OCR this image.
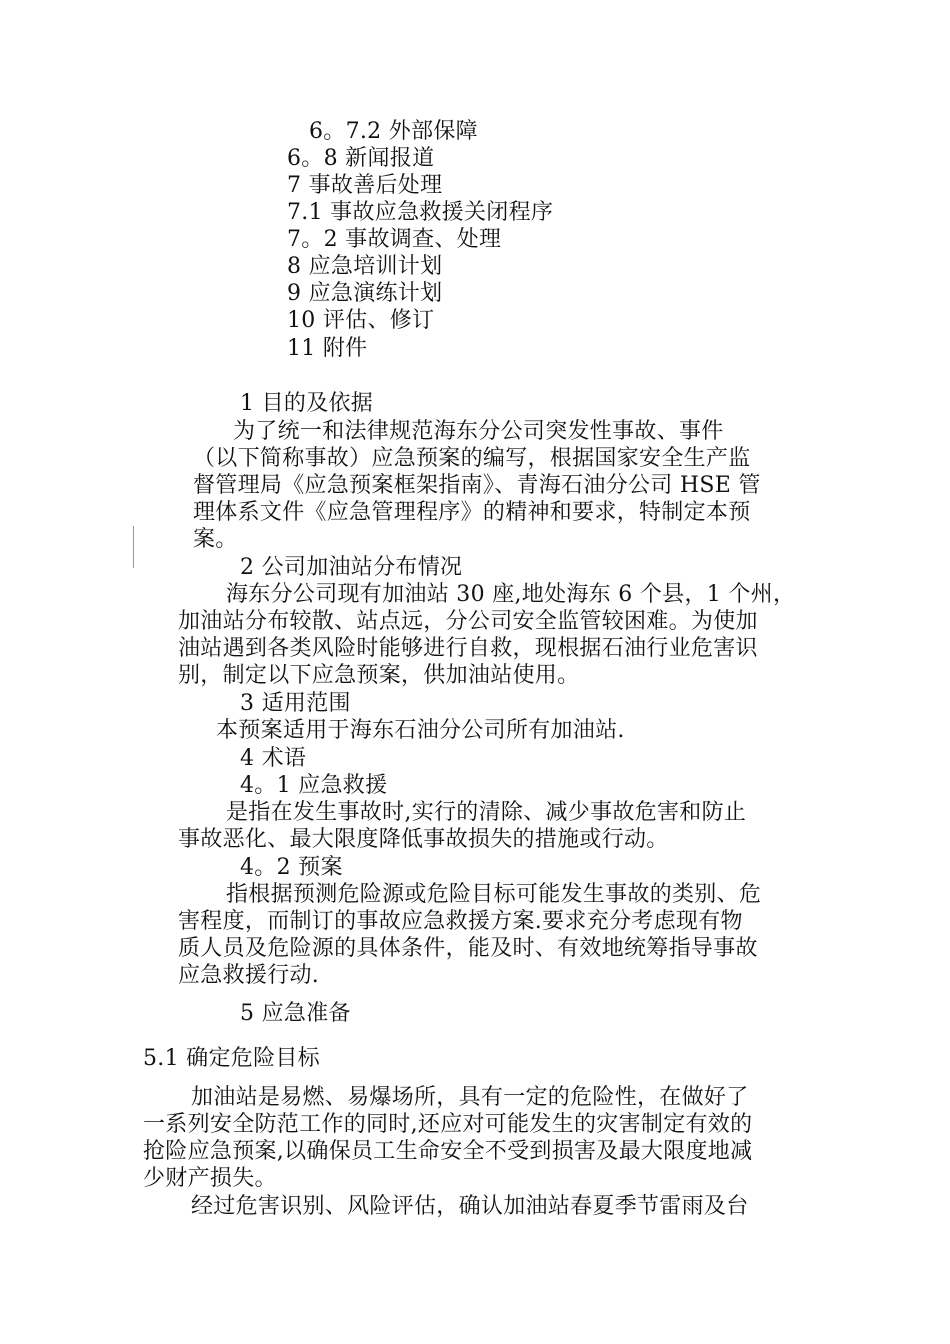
6。7.2 外部保障
6。8 新闻报道
7 事故善后处理
7.1 事故应急救援关闭程序
7。2 事故调查、处理
8 应急培训计划
9 应急演练计划
10 评估、修订
11 附件
1 目的及依据
为了统一和法律规范海东分公司突发性事故、事件
（以下简称事故）应急预案的编写，根据国家安全生产监
督管理局《应急预案框架指南》、青海石油分公司 HSE 管
理体系文件《应急管理程序》的精神和要求，特制定本预
案。
2 公司加油站分布情况
海东分公司现有加油站 30 座,地处海东 6 个县，1 个州，
加油站分布较散、站点远，分公司安全监管较困难。为使加
油站遇到各类风险时能够进行自救，现根据石油行业危害识
别，制定以下应急预案，供加油站使用。
3 适用范围
本预案适用于海东石油分公司所有加油站.
4 术语
4。1 应急救援
是指在发生事故时,实行的清除、减少事故危害和防止
事故恶化、最大限度降低事故损失的措施或行动。
4。2 预案
指根据预测危险源或危险目标可能发生事故的类别、危
害程度，而制订的事故应急救援方案.要求充分考虑现有物
质人员及危险源的具体条件，能及时、有效地统筹指导事故
应急救援行动.
5 应急准备
5.1 确定危险目标
加油站是易燃、易爆场所，具有一定的危险性，在做好了
一系列安全防范工作的同时,还应对可能发生的灾害制定有效的
抢险应急预案,以确保员工生命安全不受到损害及最大限度地减
少财产损失。
经过危害识别、风险评估，确认加油站春夏季节雷雨及台
